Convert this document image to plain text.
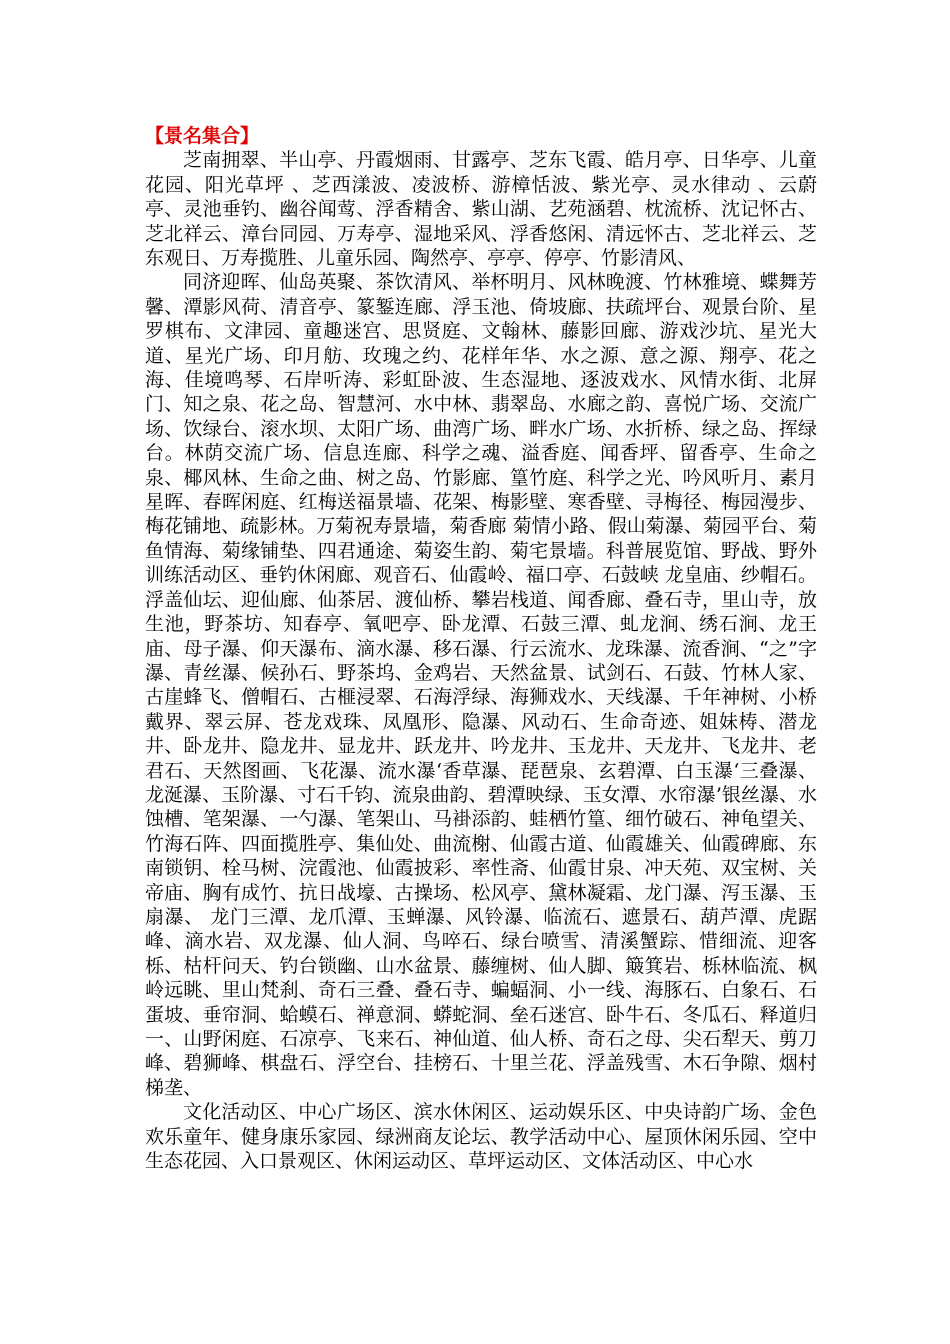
【景名集合】

芝南拥翠、半山亭、丹霞烟雨、甘露亭、芝东飞霞、皓月亭、日华亭、儿童花园、阳光草坪 、芝西漾波、凌波桥、游樟恬波、紫光亭、灵水律动 、云蔚亭、灵池垂钓、幽谷闻莺、浮香精舍、紫山湖、艺苑涵碧、枕流桥、沈记怀古、芝北祥云、漳台同园、万寿亭、湿地采风、浮香悠闲、清远怀古、芝北祥云、芝东观日、万寿揽胜、儿童乐园、陶然亭、亭亭、停亭、竹影清风、

同济迎晖、仙岛英聚、茶饮清风、举杯明月、风林晚渡、竹林雅境、蝶舞芳馨、潭影风荷、清音亭、篆錾连廊、浮玉池、倚坡廊、扶疏坪台、观景台阶、星罗棋布、文津园、童趣迷宫、思贤庭、文翰林、藤影回廊、游戏沙坑、星光大道、星光广场、印月舫、玫瑰之约、花样年华、水之源、意之源、翔亭、花之海、佳境鸣琴、石岸听涛、彩虹卧波、生态湿地、逐波戏水、风情水街、北屏门、知之泉、花之岛、智慧河、水中林、翡翠岛、水廊之韵、喜悦广场、交流广场、饮绿台、滚水坝、太阳广场、曲湾广场、畔水广场、水折桥、绿之岛、挥绿台。林荫交流广场、信息连廊、科学之魂、溢香庭、闻香坪、留香亭、生命之泉、椰风林、生命之曲、树之岛、竹影廊、篁竹庭、科学之光、吟风听月、素月星晖、春晖闲庭、红梅送福景墙、花架、梅影壁、寒香壁、寻梅径、梅园漫步、梅花铺地、疏影林。万菊祝寿景墙，菊香廊 菊情小路、假山菊瀑、菊园平台、菊鱼情海、菊缘铺垫、四君通途、菊姿生韵、菊宅景墙。科普展览馆、野战、野外训练活动区、垂钓休闲廊、观音石、仙霞岭、福口亭、石鼓峡 龙皇庙、纱帽石。浮盖仙坛、迎仙廊、仙茶居、渡仙桥、攀岩栈道、闻香廊、叠石寺，里山寺，放生池，野茶坊、知春亭、氧吧亭、卧龙潭、石鼓三潭、虬龙涧、绣石涧、龙王庙、母子瀑、仰天瀑布、滴水瀑、移石瀑、行云流水、龙珠瀑、流香涧、“之”字瀑、青丝瀑、候孙石、野茶坞、金鸡岩、天然盆景、试剑石、石鼓、竹林人家、古崖蜂飞、僧帽石、古榧浸翠、石海浮绿、海狮戏水、天线瀑、千年神树、小桥戴界、翠云屏、苍龙戏珠、凤凰形、隐瀑、风动石、生命奇迹、姐妹梼、潜龙井、卧龙井、隐龙井、显龙井、跃龙井、吟龙井、玉龙井、天龙井、飞龙井、老君石、天然图画、飞花瀑、流水瀑‘香草瀑、琵琶泉、玄碧潭、白玉瀑‘三叠瀑、龙涎瀑、玉阶瀑、寸石千钧、流泉曲韵、碧潭映绿、玉女潭、水帘瀑’银丝瀑、水蚀槽、笔架瀑、一勺瀑、笔架山、马褂添韵、蛙栖竹篁、细竹破石、神龟望关、竹海石阵、四面揽胜亭、集仙处、曲流榭、仙霞古道、仙霞雄关、仙霞碑廊、东南锁钥、栓马树、浣霞池、仙霞披彩、率性斋、仙霞甘泉、冲天苑、双宝树、关帝庙、胸有成竹、抗日战壕、古操场、松风亭、黛林凝霜、龙门瀑、泻玉瀑、玉扇瀑、 龙门三潭、龙爪潭、玉蝉瀑、风铃瀑、临流石、遮景石、葫芦潭、虎踞峰、滴水岩、双龙瀑、仙人洞、鸟啐石、绿台喷雪、清溪蟹踪、惜细流、迎客栎、枯杆问天、钓台锁幽、山水盆景、藤缠树、仙人脚、簸箕岩、栎林临流、枫岭远眺、里山梵刹、奇石三叠、叠石寺、蝙蝠洞、小一线、海豚石、白象石、石蛋坡、垂帘洞、蛤蟆石、禅意洞、蟒蛇洞、垒石迷宫、卧牛石、冬瓜石、释道归一、山野闲庭、石凉亭、飞来石、神仙道、仙人桥、奇石之母、尖石犁天、剪刀峰、碧狮峰、棋盘石、浮空台、挂榜石、十里兰花、浮盖残雪、木石争隙、烟村梯垄、

文化活动区、中心广场区、滨水休闲区、运动娱乐区、中央诗韵广场、金色欢乐童年、健身康乐家园、绿洲商友论坛、教学活动中心、屋顶休闲乐园、空中生态花园、入口景观区、休闲运动区、草坪运动区、文体活动区、中心水
